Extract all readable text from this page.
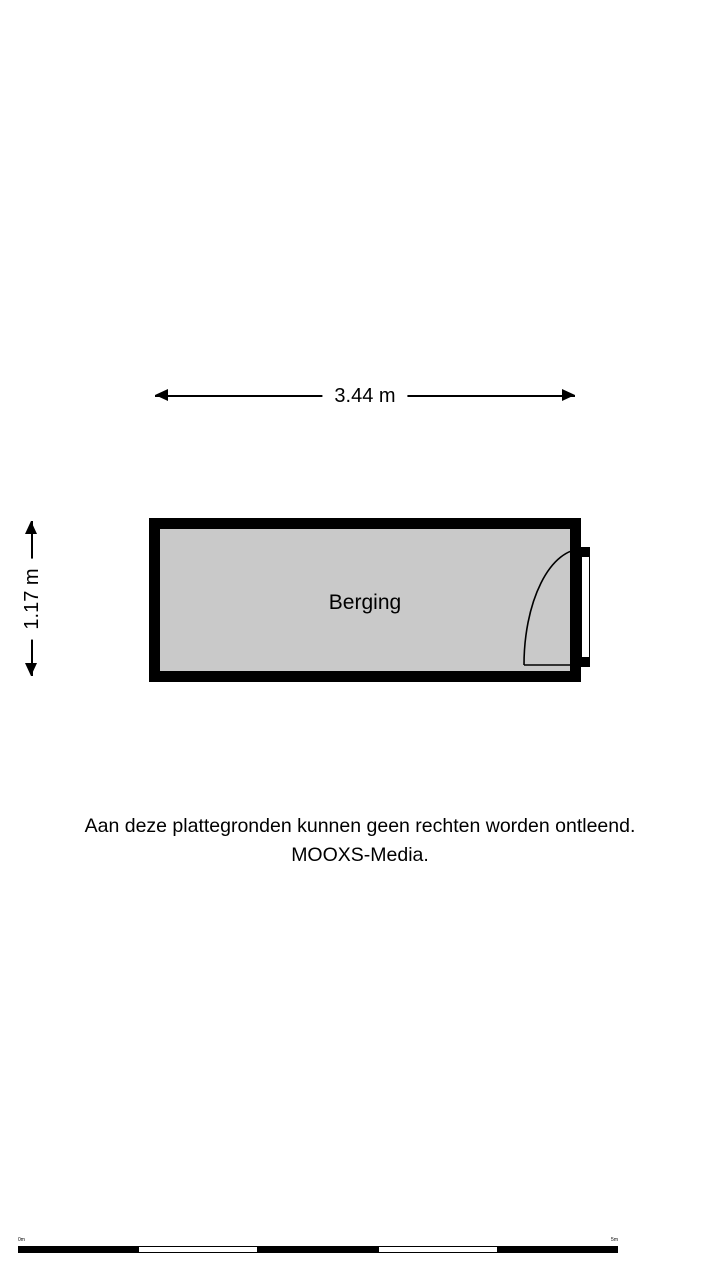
3.44 m
1.17 m	Berging
Aan deze plattegronden kunnen geen rechten worden ontleend.
MOOXS-Media.
0m	5m
